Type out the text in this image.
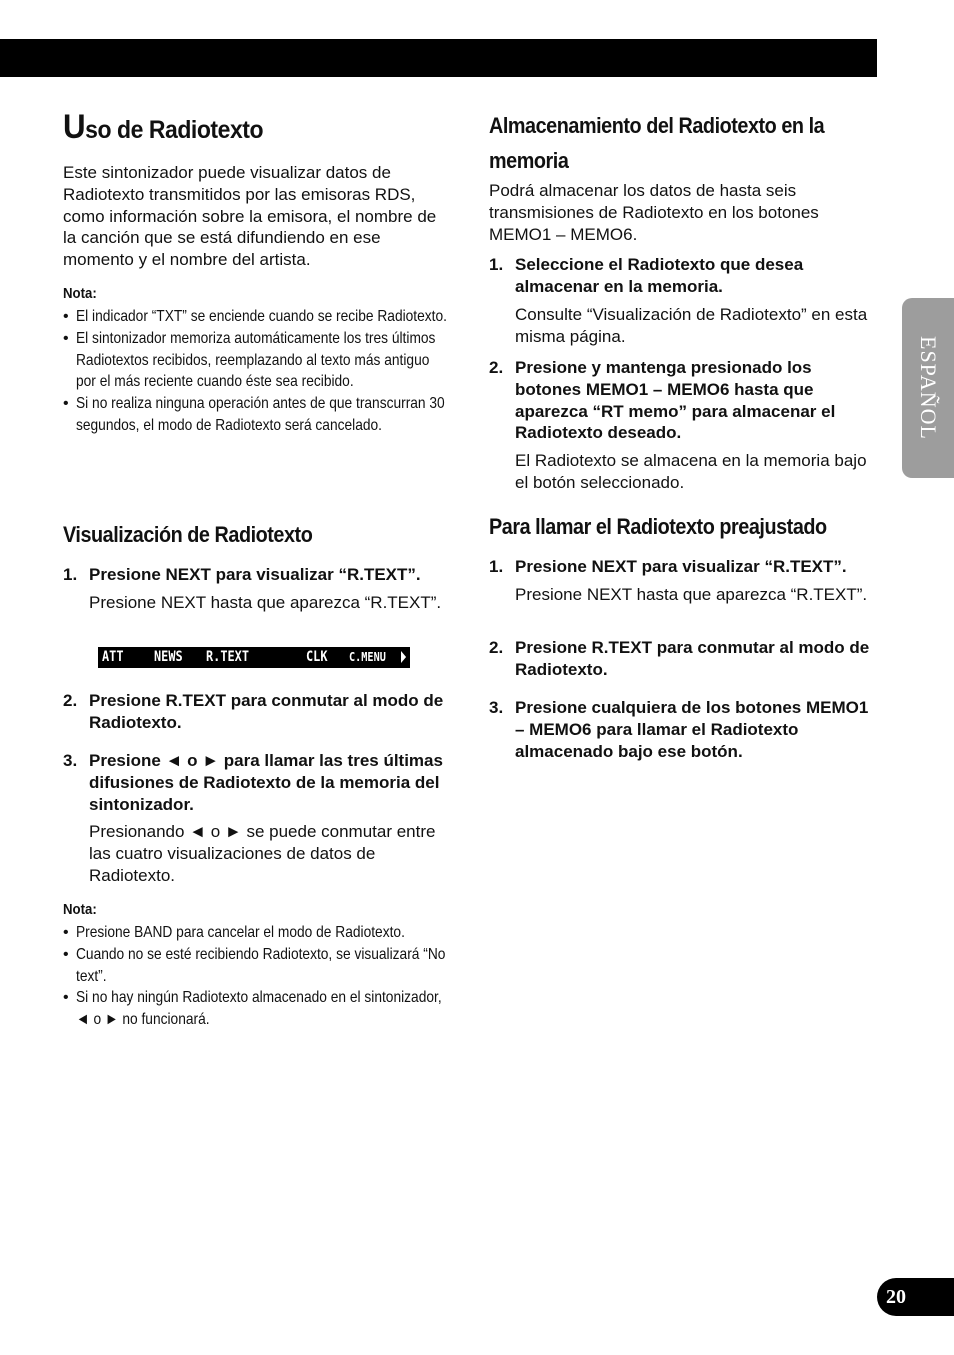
Uso de Radiotexto

Este sintonizador puede visualizar datos de Radiotexto transmitidos por las emisoras RDS, como información sobre la emisora, el nombre de la canción que se está difundiendo en ese momento y el nombre del artista.

Nota:
• El indicador “TXT” se enciende cuando se recibe Radiotexto.
• El sintonizador memoriza automáticamente los tres últimos Radiotextos recibidos, reemplazando al texto más antiguo por el más reciente cuando éste sea recibido.
• Si no realiza ninguna operación antes de que transcurran 30 segundos, el modo de Radiotexto será cancelado.
Visualización de Radiotexto
1. Presione NEXT para visualizar “R.TEXT”.
Presione NEXT hasta que aparezca “R.TEXT”.
ATT NEWS R.TEXT	CLK C.MENU
2. Presione R.TEXT para conmutar al modo de Radiotexto.
3. Presione ◄ o ► para llamar las tres últimas difusiones de Radiotexto de la memoria del sintonizador.
Presionando ◄ o ► se puede conmutar entre las cuatro visualizaciones de datos de Radiotexto.
Nota:
• Presione BAND para cancelar el modo de Radiotexto.
• Cuando no se esté recibiendo Radiotexto, se visualizará “No text”.
• Si no hay ningún Radiotexto almacenado en el sintonizador, ◄ o ► no funcionará.
Almacenamiento del Radiotexto en la memoria

Podrá almacenar los datos de hasta seis transmisiones de Radiotexto en los botones MEMO1 – MEMO6.

1. Seleccione el Radiotexto que desea almacenar en la memoria.
Consulte “Visualización de Radiotexto” en esta misma página.
2. Presione y mantenga presionado los botones MEMO1 – MEMO6 hasta que aparezca “RT memo” para almacenar el Radiotexto deseado.
El Radiotexto se almacena en la memoria bajo el botón seleccionado.
Para llamar el Radiotexto preajustado
1. Presione NEXT para visualizar “R.TEXT”.
Presione NEXT hasta que aparezca “R.TEXT”.
2. Presione R.TEXT para conmutar al modo de Radiotexto.
3. Presione cualquiera de los botones MEMO1 – MEMO6 para llamar el Radiotexto almacenado bajo ese botón.
ESPAÑOL
20
